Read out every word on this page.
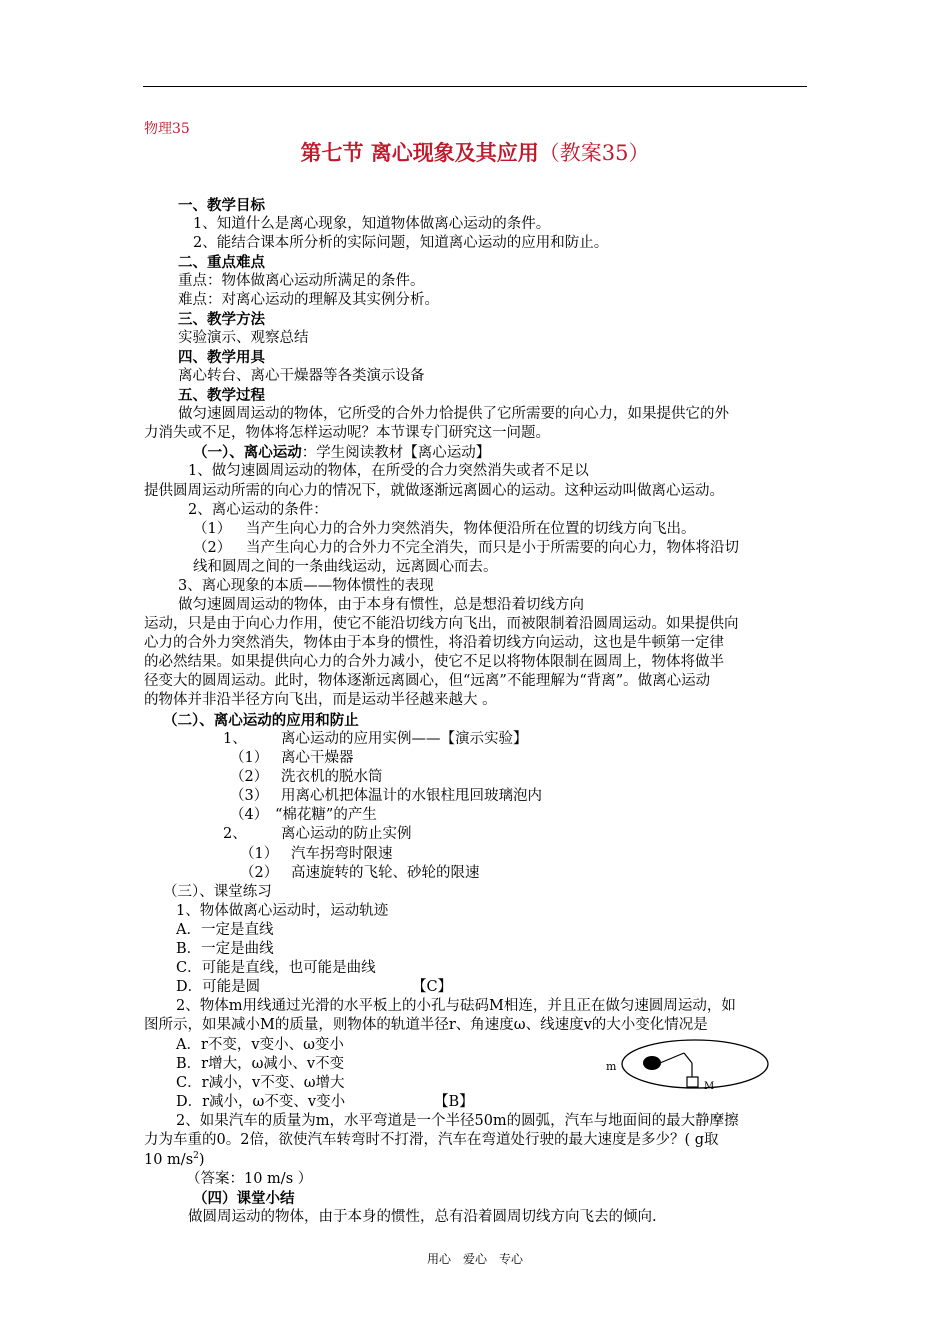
物理35
第七节 离心现象及其应用（教案35）
一、教学目标
1、知道什么是离心现象，知道物体做离心运动的条件。
2、能结合课本所分析的实际问题，知道离心运动的应用和防止。
二、重点难点
重点：物体做离心运动所满足的条件。
难点：对离心运动的理解及其实例分析。
三、教学方法
实验演示、观察总结
四、教学用具
离心转台、离心干燥器等各类演示设备
五、教学过程
做匀速圆周运动的物体，它所受的合外力恰提供了它所需要的向心力，如果提供它的外
力消失或不足，物体将怎样运动呢？本节课专门研究这一问题。
（一）、离心运动：学生阅读教材【离心运动】
1、做匀速圆周运动的物体，在所受的合力突然消失或者不足以
提供圆周运动所需的向心力的情况下，就做逐渐远离圆心的运动。这种运动叫做离心运动。
2、离心运动的条件：
（1） 当产生向心力的合外力突然消失，物体便沿所在位置的切线方向飞出。
（2） 当产生向心力的合外力不完全消失，而只是小于所需要的向心力，物体将沿切
线和圆周之间的一条曲线运动，远离圆心而去。
3、离心现象的本质——物体惯性的表现
做匀速圆周运动的物体，由于本身有惯性，总是想沿着切线方向
运动，只是由于向心力作用，使它不能沿切线方向飞出，而被限制着沿圆周运动。如果提供向
心力的合外力突然消失，物体由于本身的惯性，将沿着切线方向运动，这也是牛顿第一定律
的必然结果。如果提供向心力的合外力减小，使它不足以将物体限制在圆周上，物体将做半
径变大的圆周运动。此时，物体逐渐远离圆心，但“远离”不能理解为“背离”。做离心运动
的物体并非沿半径方向飞出，而是运动半径越来越大 。
（二）、离心运动的应用和防止
1、 离心运动的应用实例——【演示实验】
（1） 离心干燥器
（2） 洗衣机的脱水筒
（3） 用离心机把体温计的水银柱甩回玻璃泡内
（4） “棉花糖”的产生
2、 离心运动的防止实例
（1） 汽车拐弯时限速
（2） 高速旋转的飞轮、砂轮的限速
（三）、课堂练习
1、物体做离心运动时，运动轨迹
A．一定是直线
B．一定是曲线
C．可能是直线，也可能是曲线
D．可能是圆	【C】
2、物体m用线通过光滑的水平板上的小孔与砝码M相连，并且正在做匀速圆周运动，如
图所示，如果减小M的质量，则物体的轨道半径r、角速度ω、线速度v的大小变化情况是
A．r不变，v变小、ω变小
B．r增大，ω减小、v不变
C．r减小，v不变、ω增大
D．r减小，ω不变、v变小	【B】
2、如果汽车的质量为m，水平弯道是一个半径50m的圆弧，汽车与地面间的最大静摩擦
力为车重的0。2倍，欲使汽车转弯时不打滑，汽车在弯道处行驶的最大速度是多少？( g取
10 $m/s^2$)
（答案：10 m/s ）
（四）课堂小结
做圆周运动的物体，由于本身的惯性，总有沿着圆周切线方向飞去的倾向.
m
M
用心　爱心　专心
